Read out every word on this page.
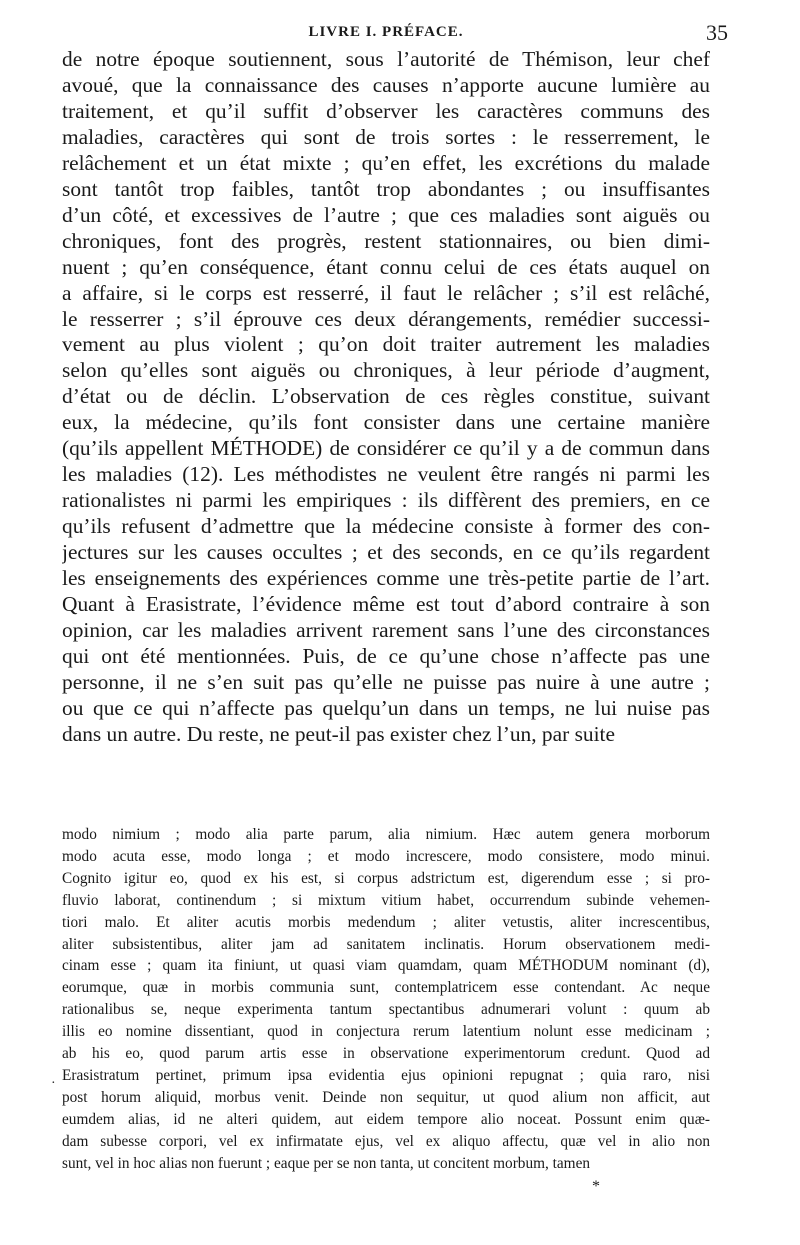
LIVRE I. PRÉFACE.	35
de notre époque soutiennent, sous l’autorité de Thémison, leur chef
avoué, que la connaissance des causes n’apporte aucune lumière au
traitement, et qu’il suffit d’observer les caractères communs des
maladies, caractères qui sont de trois sortes : le resserrement, le
relâchement et un état mixte ; qu’en effet, les excrétions du malade
sont tantôt trop faibles, tantôt trop abondantes ; ou insuffisantes
d’un côté, et excessives de l’autre ; que ces maladies sont aiguës ou
chroniques, font des progrès, restent stationnaires, ou bien dimi-
nuent ; qu’en conséquence, étant connu celui de ces états auquel on
a affaire, si le corps est resserré, il faut le relâcher ; s’il est relâché,
le resserrer ; s’il éprouve ces deux dérangements, remédier successi-
vement au plus violent ; qu’on doit traiter autrement les maladies
selon qu’elles sont aiguës ou chroniques, à leur période d’augment,
d’état ou de déclin. L’observation de ces règles constitue, suivant
eux, la médecine, qu’ils font consister dans une certaine manière
(qu’ils appellent MÉTHODE) de considérer ce qu’il y a de commun dans
les maladies (12). Les méthodistes ne veulent être rangés ni parmi les
rationalistes ni parmi les empiriques : ils diffèrent des premiers, en ce
qu’ils refusent d’admettre que la médecine consiste à former des con-
jectures sur les causes occultes ; et des seconds, en ce qu’ils regardent
les enseignements des expériences comme une très-petite partie de l’art.
Quant à Erasistrate, l’évidence même est tout d’abord contraire à son
opinion, car les maladies arrivent rarement sans l’une des circonstances
qui ont été mentionnées. Puis, de ce qu’une chose n’affecte pas une
personne, il ne s’en suit pas qu’elle ne puisse pas nuire à une autre ;
ou que ce qui n’affecte pas quelqu’un dans un temps, ne lui nuise pas
dans un autre. Du reste, ne peut-il pas exister chez l’un, par suite
modo nimium ; modo alia parte parum, alia nimium. Hæc autem genera morborum
modo acuta esse, modo longa ; et modo increscere, modo consistere, modo minui.
Cognito igitur eo, quod ex his est, si corpus adstrictum est, digerendum esse ; si pro-
fluvio laborat, continendum ; si mixtum vitium habet, occurrendum subinde vehemen-
tiori malo. Et aliter acutis morbis medendum ; aliter vetustis, aliter increscentibus,
aliter subsistentibus, aliter jam ad sanitatem inclinatis. Horum observationem medi-
cinam esse ; quam ita finiunt, ut quasi viam quamdam, quam MÉTHODUM nominant (d),
eorumque, quæ in morbis communia sunt, contemplatricem esse contendant. Ac neque
rationalibus se, neque experimenta tantum spectantibus adnumerari volunt : quum ab
illis eo nomine dissentiant, quod in conjectura rerum latentium nolunt esse medicinam ;
ab his eo, quod parum artis esse in observatione experimentorum credunt. Quod ad
Erasistratum pertinet, primum ipsa evidentia ejus opinioni repugnat ; quia raro, nisi
post horum aliquid, morbus venit. Deinde non sequitur, ut quod alium non afficit, aut
eumdem alias, id ne alteri quidem, aut eidem tempore alio noceat. Possunt enim quæ-
dam subesse corpori, vel ex infirmatate ejus, vel ex aliquo affectu, quæ vel in alio non
sunt, vel in hoc alias non fuerunt ; eaque per se non tanta, ut concitent morbum, tamen
·
*
